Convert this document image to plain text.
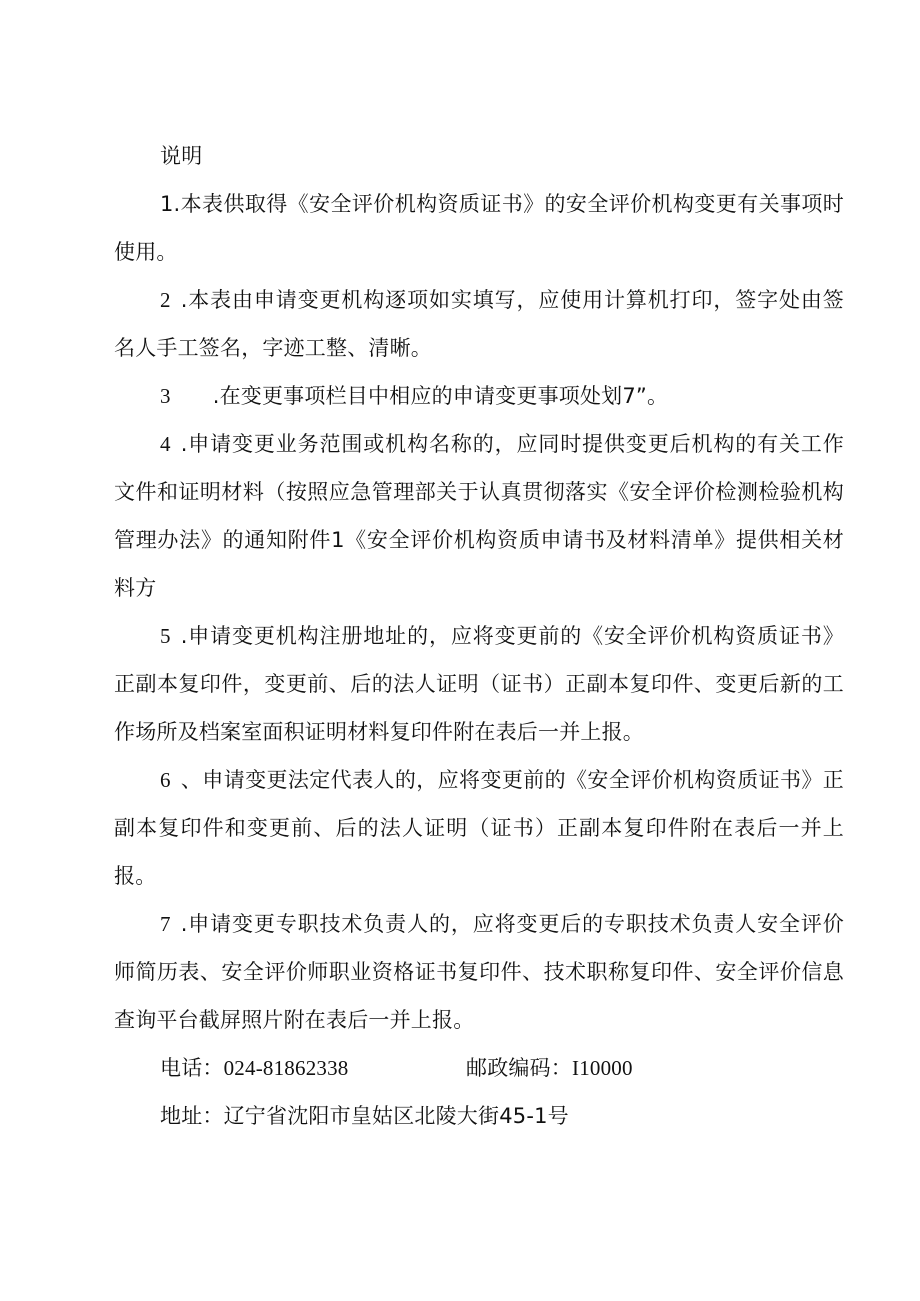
说明

1.本表供取得《安全评价机构资质证书》的安全评价机构变更有关事项时使用。

2 .本表由申请变更机构逐项如实填写，应使用计算机打印，签字处由签名人手工签名，字迹工整、清晰。

3 .在变更事项栏目中相应的申请变更事项处划7”。

4 .申请变更业务范围或机构名称的，应同时提供变更后机构的有关工作文件和证明材料（按照应急管理部关于认真贯彻落实《安全评价检测检验机构管理办法》的通知附件1《安全评价机构资质申请书及材料清单》提供相关材料方

5 .申请变更机构注册地址的，应将变更前的《安全评价机构资质证书》正副本复印件，变更前、后的法人证明（证书）正副本复印件、变更后新的工作场所及档案室面积证明材料复印件附在表后一并上报。

6 、申请变更法定代表人的，应将变更前的《安全评价机构资质证书》正副本复印件和变更前、后的法人证明（证书）正副本复印件附在表后一并上报。

7 .申请变更专职技术负责人的，应将变更后的专职技术负责人安全评价师简历表、安全评价师职业资格证书复印件、技术职称复印件、安全评价信息查询平台截屏照片附在表后一并上报。

电话：024-81862338	邮政编码：I10000

地址：辽宁省沈阳市皇姑区北陵大街45-1号
